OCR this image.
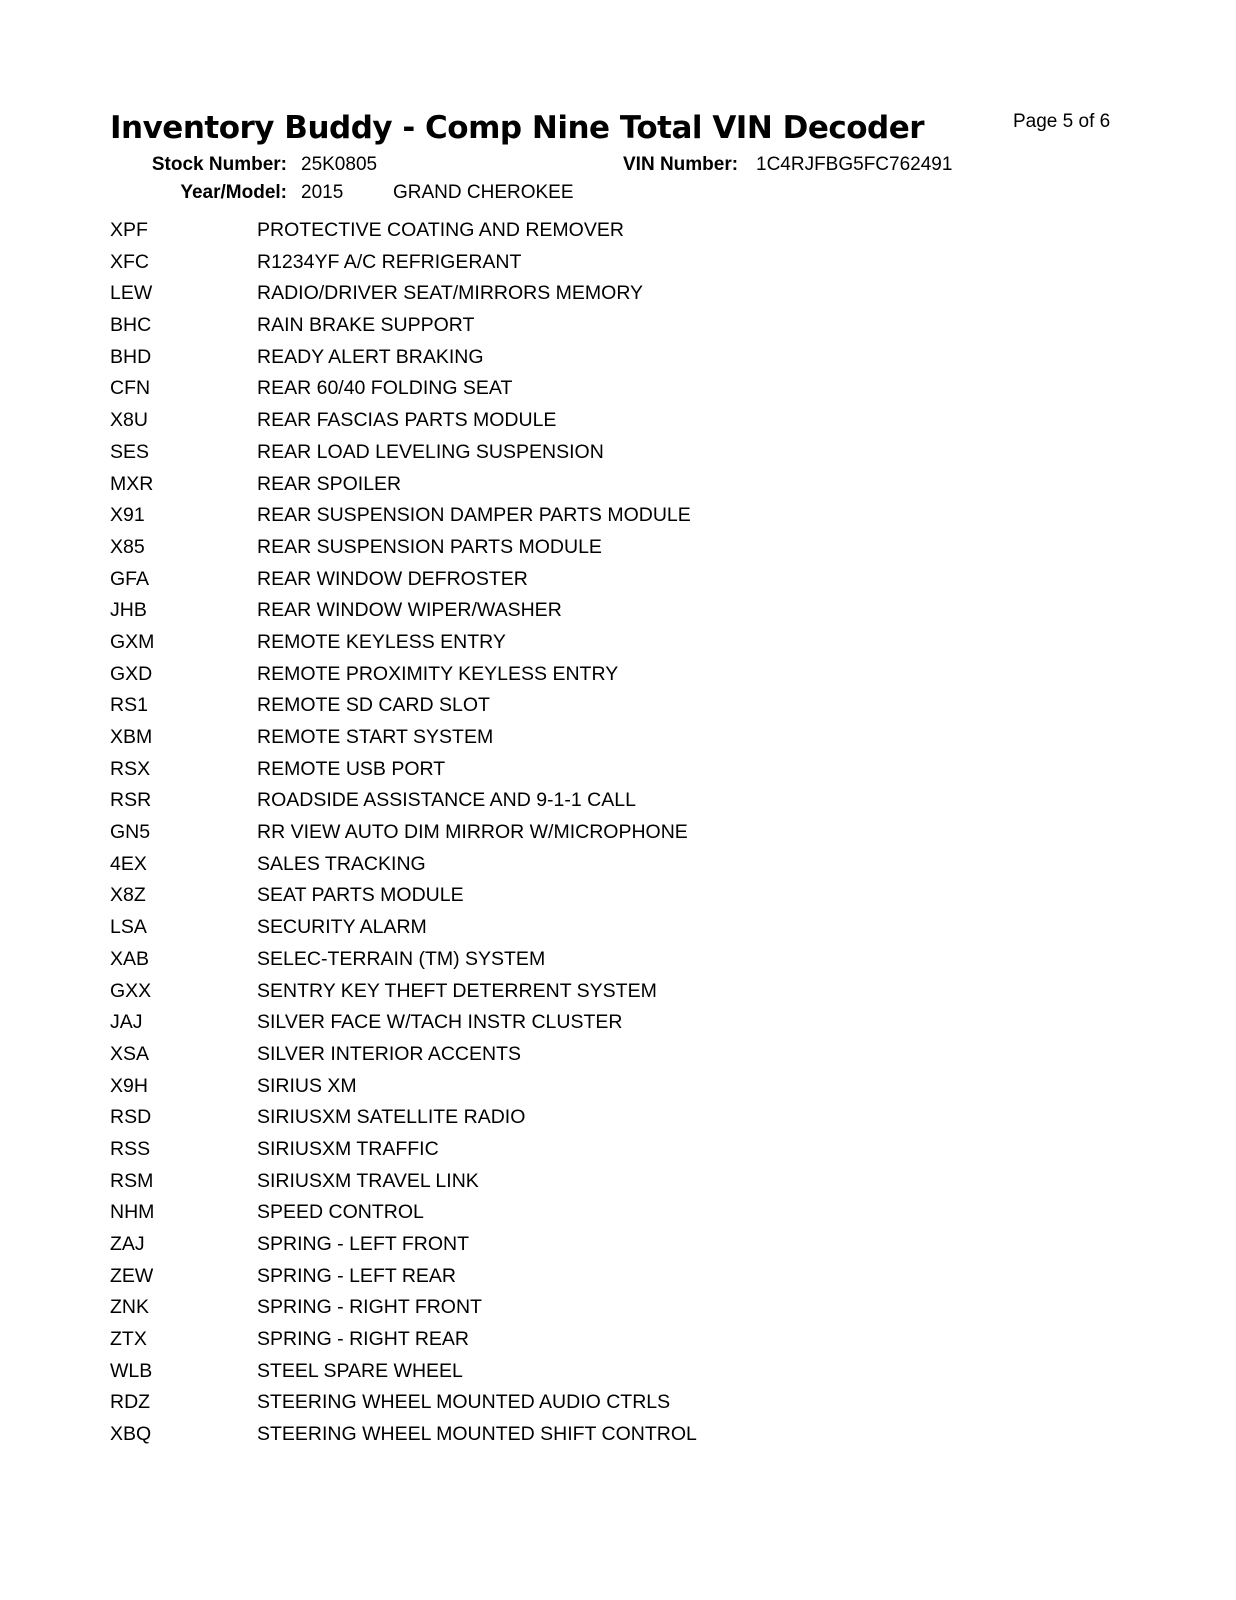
Inventory Buddy - Comp Nine Total VIN Decoder	Page 5 of 6
Stock Number: 25K0805	VIN Number: 1C4RJFBG5FC762491
Year/Model: 2015	GRAND CHEROKEE
XPF	PROTECTIVE COATING AND REMOVER
XFC	R1234YF A/C REFRIGERANT
LEW	RADIO/DRIVER SEAT/MIRRORS MEMORY
BHC	RAIN BRAKE SUPPORT
BHD	READY ALERT BRAKING
CFN	REAR 60/40 FOLDING SEAT
X8U	REAR FASCIAS PARTS MODULE
SES	REAR LOAD LEVELING SUSPENSION
MXR	REAR SPOILER
X91	REAR SUSPENSION DAMPER PARTS MODULE
X85	REAR SUSPENSION PARTS MODULE
GFA	REAR WINDOW DEFROSTER
JHB	REAR WINDOW WIPER/WASHER
GXM	REMOTE KEYLESS ENTRY
GXD	REMOTE PROXIMITY KEYLESS ENTRY
RS1	REMOTE SD CARD SLOT
XBM	REMOTE START SYSTEM
RSX	REMOTE USB PORT
RSR	ROADSIDE ASSISTANCE AND 9-1-1 CALL
GN5	RR VIEW AUTO DIM MIRROR W/MICROPHONE
4EX	SALES TRACKING
X8Z	SEAT PARTS MODULE
LSA	SECURITY ALARM
XAB	SELEC-TERRAIN (TM) SYSTEM
GXX	SENTRY KEY THEFT DETERRENT SYSTEM
JAJ	SILVER FACE W/TACH INSTR CLUSTER
XSA	SILVER INTERIOR ACCENTS
X9H	SIRIUS XM
RSD	SIRIUSXM SATELLITE RADIO
RSS	SIRIUSXM TRAFFIC
RSM	SIRIUSXM TRAVEL LINK
NHM	SPEED CONTROL
ZAJ	SPRING - LEFT FRONT
ZEW	SPRING - LEFT REAR
ZNK	SPRING - RIGHT FRONT
ZTX	SPRING - RIGHT REAR
WLB	STEEL SPARE WHEEL
RDZ	STEERING WHEEL MOUNTED AUDIO CTRLS
XBQ	STEERING WHEEL MOUNTED SHIFT CONTROL
